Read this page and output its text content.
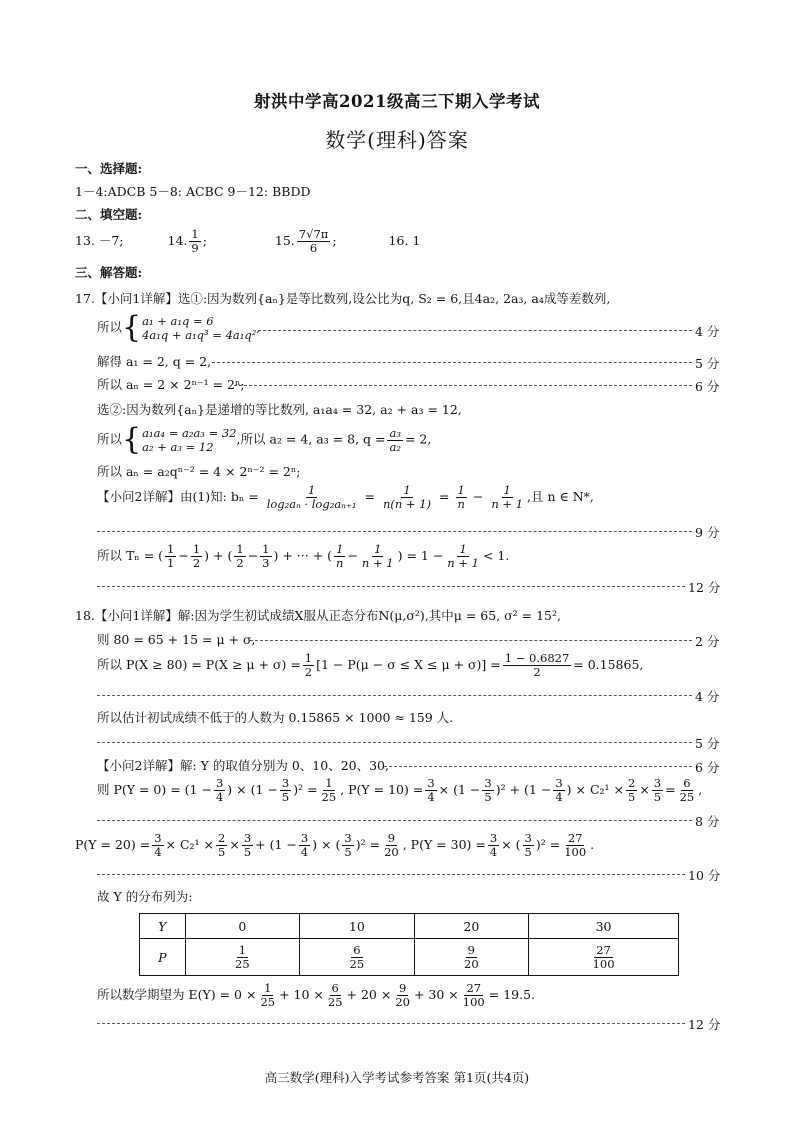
射洪中学高2021级高三下期入学考试
数学(理科)答案
一、选择题:
1－4:ADCB 5－8: ACBC 9－12: BBDD
二、填空题:
13. －7;	14. $\frac{1}{9}$ ;	15. $\frac{7√7\pi}{6}$ ;	16. 1
三、解答题:
17.【小问1详解】选①:因为数列{aₙ}是等比数列,设公比为q, S₂ = 6,且4a₂, 2a₃, a₄成等差数列,
所以 { a₁ + a₁q = 6
4a₁q + a₁q³ = 4a₁q²
,	4 分
解得 a₁ = 2, q = 2,	5 分
所以 aₙ = 2 × 2ⁿ⁻¹ = 2ⁿ;	6 分
选②:因为数列{aₙ}是递增的等比数列, a₁a₄ = 32, a₂ + a₃ = 12,
所以 { a₁a₄ = a₂a₃ = 32
a₂ + a₃ = 12
,所以 a₂ = 4, a₃ = 8, $q = \frac{\text{a₃}}{\text{a₂}} = 2$,
所以 aₙ = a₂qⁿ⁻² = 4 × 2ⁿ⁻² = 2ⁿ;
【小问2详解】由(1)知: $b_n = \frac{1}{\text{log₂aₙ · log₂aₙ₊₁}} = \frac{1}{n(n + 1)} = \frac{1}{n} - \frac{1}{n + 1}$ ,且 n ∈ N*,
9 分
所以 Tₙ = ( $\frac{1}{1} - \frac{1}{2}$ ) + ( $\frac{1}{2} - \frac{1}{3}$ ) + ··· + ( $\frac{1}{n} - \frac{1}{n + 1}$ ) = $1 - \frac{1}{n + 1} < 1$.
12 分
18.【小问1详解】解:因为学生初试成绩X服从正态分布N(μ,σ²),其中μ = 65, σ² = 15²,
则 80 = 65 + 15 = μ + σ,	2 分
所以 $P(X \ge 80) = P(X \ge \mu + \sigma) = \frac{1}{2} [1 - P(\mu - \sigma \le X \le \mu + \sigma)] = \frac{1 - 0.6827}{2} = 0.15865$,
4 分
所以估计初试成绩不低于的人数为 0.15865 × 1000 ≈ 159 人.
5 分
【小问2详解】解: Y 的取值分别为 0、10、20、30,	6 分
则 $P(Y = 0) = (1 - \frac{3}{4}$ ) × $(1 - \frac{3}{5} )^2 = \frac{1}{25}$ , $P(Y = 10) = \frac{3}{4} \times (1 - \frac{3}{5} )^2 + (1 - \frac{3}{4}$ ) × $C_2^1 \times \frac{2}{5} \times \frac{3}{5} = \frac{6}{25}$ ,
8 分
$P(Y = 20) = \frac{3}{4} \times C_2^1 \times \frac{2}{5} \times \frac{3}{5} + (1 - \frac{3}{4}$ ) × ( $\frac{3}{5} )^2 = \frac{9}{20}$ , $P(Y = 30) = \frac{3}{4}$ × ( $\frac{3}{5} )^2 = \frac{27}{100}$ .
10 分
故 Y 的分布列为:
Y	0	10	20	30
P	$\frac{1}{25}$	$\frac{6}{25}$	$\frac{9}{20}$	$\frac{27}{100}$
所以数学期望为 $E(Y) = 0 \times \frac{1}{25} + 10 \times \frac{6}{25} + 20 \times \frac{9}{20} + 30 \times \frac{27}{100} = 19.5$.
12 分
高三数学(理科)入学考试参考答案 第1页(共4页)
